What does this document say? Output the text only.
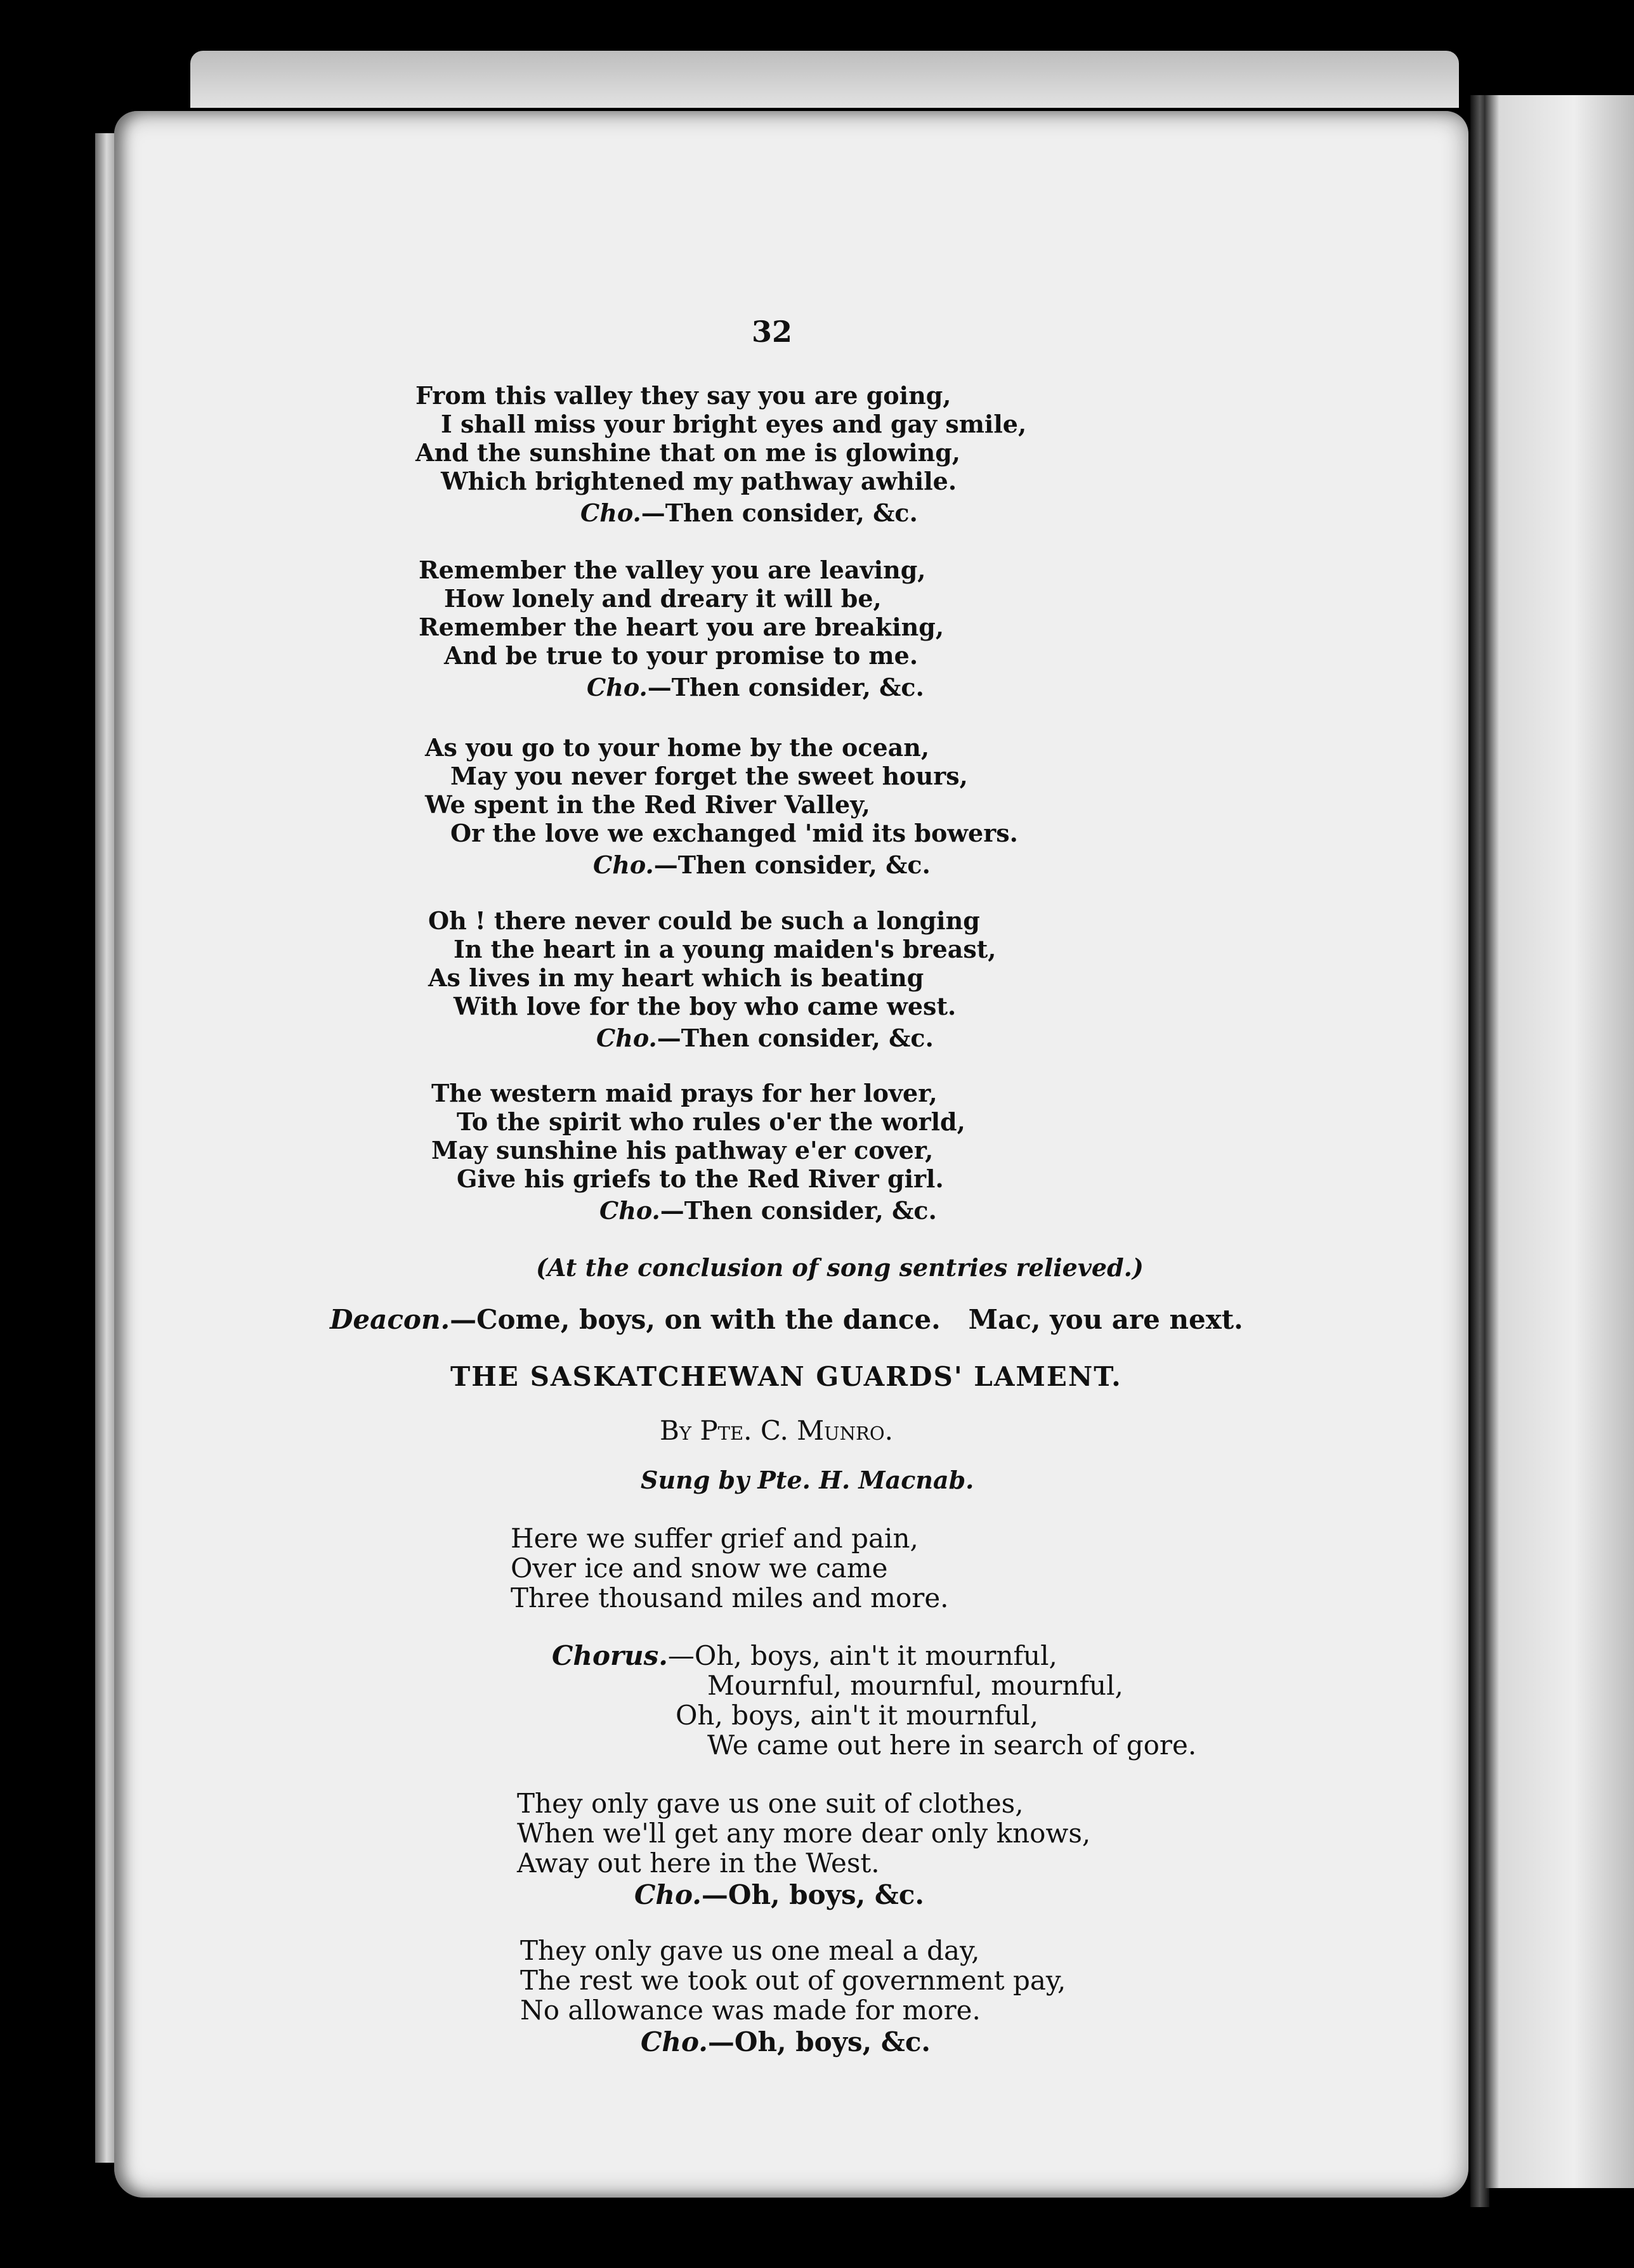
32
From this valley they say you are going,
I shall miss your bright eyes and gay smile,
And the sunshine that on me is glowing,
Which brightened my pathway awhile.
Cho.—Then consider, &c.
Remember the valley you are leaving,
How lonely and dreary it will be,
Remember the heart you are breaking,
And be true to your promise to me.
Cho.—Then consider, &c.
As you go to your home by the ocean,
May you never forget the sweet hours,
We spent in the Red River Valley,
Or the love we exchanged 'mid its bowers.
Cho.—Then consider, &c.
Oh ! there never could be such a longing
In the heart in a young maiden's breast,
As lives in my heart which is beating
With love for the boy who came west.
Cho.—Then consider, &c.
The western maid prays for her lover,
To the spirit who rules o'er the world,
May sunshine his pathway e'er cover,
Give his griefs to the Red River girl.
Cho.—Then consider, &c.
(At the conclusion of song sentries relieved.)
Deacon.—Come, boys, on with the dance.   Mac, you are next.
THE SASKATCHEWAN GUARDS' LAMENT.
By Pte. C. Munro.
Sung by Pte. H. Macnab.
Here we suffer grief and pain,
Over ice and snow we came
Three thousand miles and more.
Chorus.—Oh, boys, ain't it mournful,
Mournful, mournful, mournful,
Oh, boys, ain't it mournful,
We came out here in search of gore.
They only gave us one suit of clothes,
When we'll get any more dear only knows,
Away out here in the West.
Cho.—Oh, boys, &c.
They only gave us one meal a day,
The rest we took out of government pay,
No allowance was made for more.
Cho.—Oh, boys, &c.
